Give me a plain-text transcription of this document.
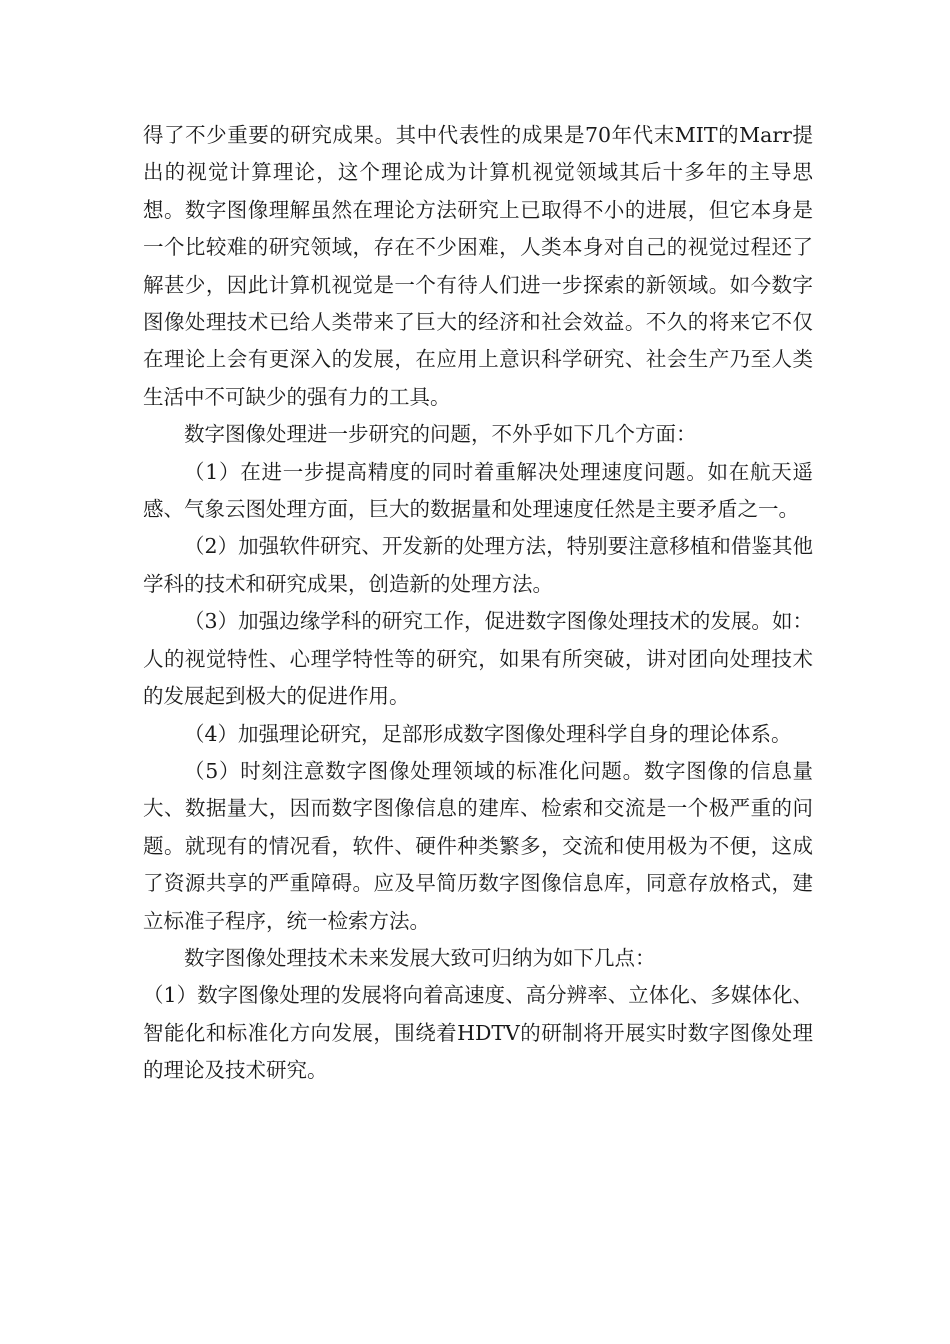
得了不少重要的研究成果。其中代表性的成果是70年代末MIT的Marr提出的视觉计算理论，这个理论成为计算机视觉领域其后十多年的主导思想。数字图像理解虽然在理论方法研究上已取得不小的进展，但它本身是一个比较难的研究领域，存在不少困难，人类本身对自己的视觉过程还了解甚少，因此计算机视觉是一个有待人们进一步探索的新领域。如今数字图像处理技术已给人类带来了巨大的经济和社会效益。不久的将来它不仅在理论上会有更深入的发展，在应用上意识科学研究、社会生产乃至人类生活中不可缺少的强有力的工具。

数字图像处理进一步研究的问题，不外乎如下几个方面：

（1）在进一步提高精度的同时着重解决处理速度问题。如在航天遥感、气象云图处理方面，巨大的数据量和处理速度任然是主要矛盾之一。

（2）加强软件研究、开发新的处理方法，特别要注意移植和借鉴其他学科的技术和研究成果，创造新的处理方法。

（3）加强边缘学科的研究工作，促进数字图像处理技术的发展。如：人的视觉特性、心理学特性等的研究，如果有所突破，讲对团向处理技术的发展起到极大的促进作用。

（4）加强理论研究，足部形成数字图像处理科学自身的理论体系。

（5）时刻注意数字图像处理领域的标准化问题。数字图像的信息量大、数据量大，因而数字图像信息的建库、检索和交流是一个极严重的问题。就现有的情况看，软件、硬件种类繁多，交流和使用极为不便，这成了资源共享的严重障碍。应及早简历数字图像信息库，同意存放格式，建立标准子程序，统一检索方法。

数字图像处理技术未来发展大致可归纳为如下几点：

（1）数字图像处理的发展将向着高速度、高分辨率、立体化、多媒体化、智能化和标准化方向发展，围绕着HDTV的研制将开展实时数字图像处理的理论及技术研究。
